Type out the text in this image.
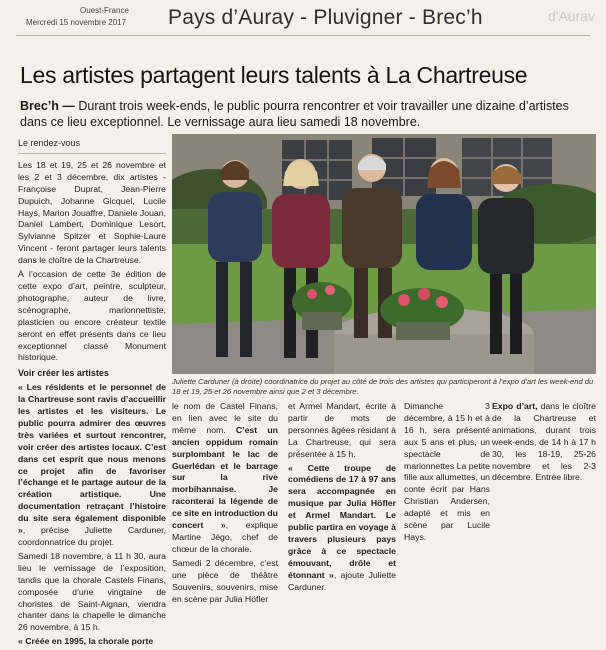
Ouest-France
Mercredi 15 novembre 2017 Pays d’Auray - Pluvigner - Brec’h	d'Aurav
Les artistes partagent leurs talents à La Chartreuse
Brec’h — Durant trois week-ends, le public pourra rencontrer et voir travailler une dizaine d’artistes dans ce lieu exceptionnel. Le vernissage aura lieu samedi 18 novembre.
Le rendez-vous

Les 18 et 19, 25 et 26 novembre et les 2 et 3 décembre, dix artistes - Françoise Duprat, Jean-Pierre Dupuich, Johanne Gicquel, Lucile Hays, Marion Jouaffre, Daniele Jouan, Daniel Lambert, Dominique Lesort, Sylvianne Spitzer et Sophie-Laure Vincent - feront partager leurs talents dans le cloître de la Chartreuse.

À l’occasion de cette 3e édition de cette expo d’art, peintre, sculpteur, photographe, auteur de livre, scénographe, marionnettiste, plasticien ou encore créateur textile seront en effet présents dans ce lieu exceptionnel classé Monument historique.

Voir créer les artistes

« Les résidents et le personnel de la Chartreuse sont ravis d’accueillir les artistes et les visiteurs. Le public pourra admirer des œuvres très variées et surtout rencontrer, voir créer des artistes locaux. C’est dans cet esprit que nous menons ce projet afin de favoriser l’échange et le partage autour de la création artistique. Une documentation retraçant l’histoire du site sera également disponible », précise Juliette Carduner, coordonnatrice du projet.

Samedi 18 novembre, à 11 h 30, aura lieu le vernissage de l’exposition, tandis que la chorale Castels Finans, composée d’une vingtaine de choristes de Saint-Aignan, viendra chanter dans la chapelle le dimanche 26 novembre, à 15 h.

« Créée en 1995, la chorale porte

Juliette Carduner (à droite) coordinatrice du projet au côté de trois des artistes qui participeront à l’expo d’art les week-end du 18 et 19, 25 et 26 novembre ainsi que 2 et 3 décembre.

le nom de Castel Finans, en lien avec le site du même nom. C’est un ancien oppidum romain surplombant le lac de Guerlédan et le barrage sur la rive morbihannaise. Je raconterai la légende de ce site en introduction du concert », explique Martine Jégo, chef de chœur de la chorale.

Samedi 2 décembre, c’est une pièce de théâtre Souvenirs, souvenirs, mise en scène par Julia Höfler

et Armel Mandart, écrite à partir de mots de personnes âgées résidant à La Chartreuse, qui sera présentée à 15 h.

« Cette troupe de comédiens de 17 à 97 ans sera accompagnée en musique par Julia Höfler et Armel Mandart. Le public partira en voyage à travers plusieurs pays grâce à ce spectacle émouvant, drôle et étonnant », ajoute Juliette Carduner.

Dimanche 3 décembre, à 15 h et à 16 h, sera présenté aux 5 ans et plus, un spectacle de marionnettes La petite fille aux allumettes, un conte écrit par Hans Christian Andersen, adapté et mis en scène par Lucile Hays.

Expo d’art, dans le cloître de la Chartreuse et animations, durant trois week-ends, de 14 h à 17 h 30, les 18-19, 25-26 novembre et les 2-3 décembre. Entrée libre.
